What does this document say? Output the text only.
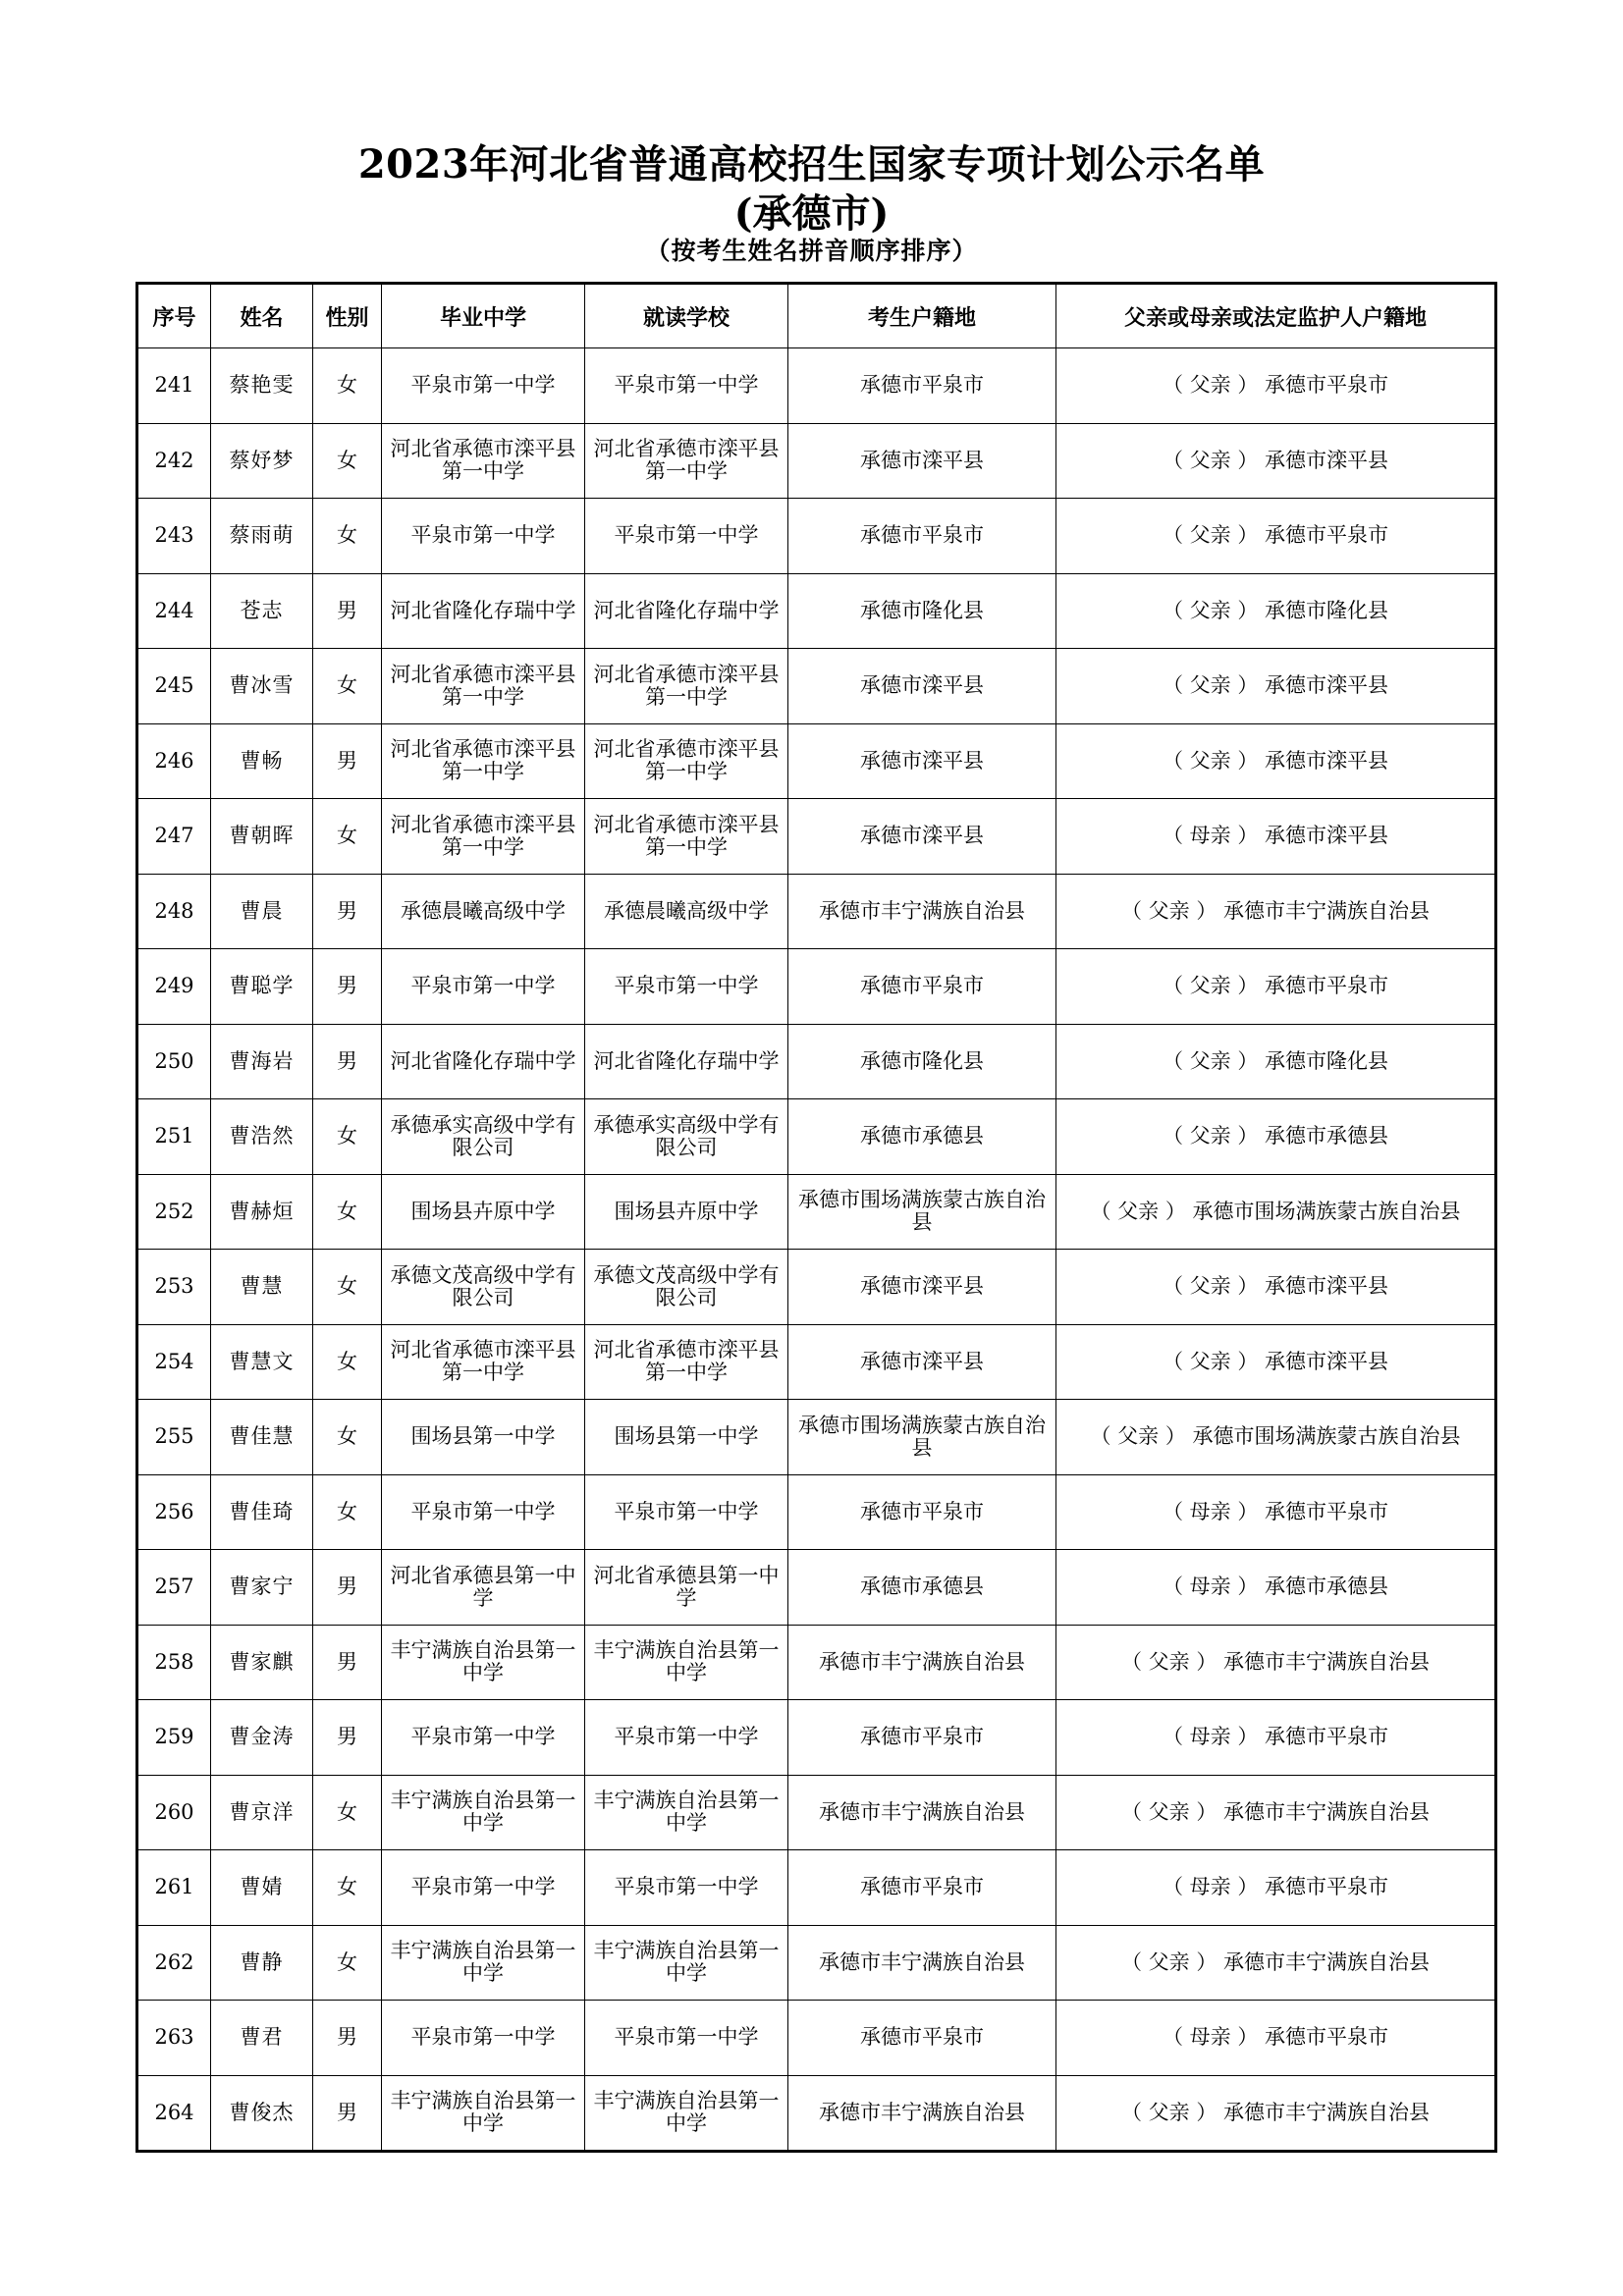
2023年河北省普通高校招生国家专项计划公示名单
(承德市)
（按考生姓名拼音顺序排序）
序号	姓名	性别	毕业中学	就读学校	考生户籍地	父亲或母亲或法定监护人户籍地
241	蔡艳雯	女	平泉市第一中学	平泉市第一中学	承德市平泉市	（ 父亲 ） 承德市平泉市
242	蔡妤梦	女	河北省承德市滦平县第一中学	河北省承德市滦平县第一中学	承德市滦平县	（ 父亲 ） 承德市滦平县
243	蔡雨萌	女	平泉市第一中学	平泉市第一中学	承德市平泉市	（ 父亲 ） 承德市平泉市
244	苍志	男	河北省隆化存瑞中学	河北省隆化存瑞中学	承德市隆化县	（ 父亲 ） 承德市隆化县
245	曹冰雪	女	河北省承德市滦平县第一中学	河北省承德市滦平县第一中学	承德市滦平县	（ 父亲 ） 承德市滦平县
246	曹畅	男	河北省承德市滦平县第一中学	河北省承德市滦平县第一中学	承德市滦平县	（ 父亲 ） 承德市滦平县
247	曹朝晖	女	河北省承德市滦平县第一中学	河北省承德市滦平县第一中学	承德市滦平县	（ 母亲 ） 承德市滦平县
248	曹晨	男	承德晨曦高级中学	承德晨曦高级中学	承德市丰宁满族自治县	（ 父亲 ） 承德市丰宁满族自治县
249	曹聪学	男	平泉市第一中学	平泉市第一中学	承德市平泉市	（ 父亲 ） 承德市平泉市
250	曹海岩	男	河北省隆化存瑞中学	河北省隆化存瑞中学	承德市隆化县	（ 父亲 ） 承德市隆化县
251	曹浩然	女	承德承实高级中学有限公司	承德承实高级中学有限公司	承德市承德县	（ 父亲 ） 承德市承德县
252	曹赫烜	女	围场县卉原中学	围场县卉原中学	承德市围场满族蒙古族自治县	（ 父亲 ） 承德市围场满族蒙古族自治县
253	曹慧	女	承德文茂高级中学有限公司	承德文茂高级中学有限公司	承德市滦平县	（ 父亲 ） 承德市滦平县
254	曹慧文	女	河北省承德市滦平县第一中学	河北省承德市滦平县第一中学	承德市滦平县	（ 父亲 ） 承德市滦平县
255	曹佳慧	女	围场县第一中学	围场县第一中学	承德市围场满族蒙古族自治县	（ 父亲 ） 承德市围场满族蒙古族自治县
256	曹佳琦	女	平泉市第一中学	平泉市第一中学	承德市平泉市	（ 母亲 ） 承德市平泉市
257	曹家宁	男	河北省承德县第一中学	河北省承德县第一中学	承德市承德县	（ 母亲 ） 承德市承德县
258	曹家麒	男	丰宁满族自治县第一中学	丰宁满族自治县第一中学	承德市丰宁满族自治县	（ 父亲 ） 承德市丰宁满族自治县
259	曹金涛	男	平泉市第一中学	平泉市第一中学	承德市平泉市	（ 母亲 ） 承德市平泉市
260	曹京洋	女	丰宁满族自治县第一中学	丰宁满族自治县第一中学	承德市丰宁满族自治县	（ 父亲 ） 承德市丰宁满族自治县
261	曹婧	女	平泉市第一中学	平泉市第一中学	承德市平泉市	（ 母亲 ） 承德市平泉市
262	曹静	女	丰宁满族自治县第一中学	丰宁满族自治县第一中学	承德市丰宁满族自治县	（ 父亲 ） 承德市丰宁满族自治县
263	曹君	男	平泉市第一中学	平泉市第一中学	承德市平泉市	（ 母亲 ） 承德市平泉市
264	曹俊杰	男	丰宁满族自治县第一中学	丰宁满族自治县第一中学	承德市丰宁满族自治县	（ 父亲 ） 承德市丰宁满族自治县
